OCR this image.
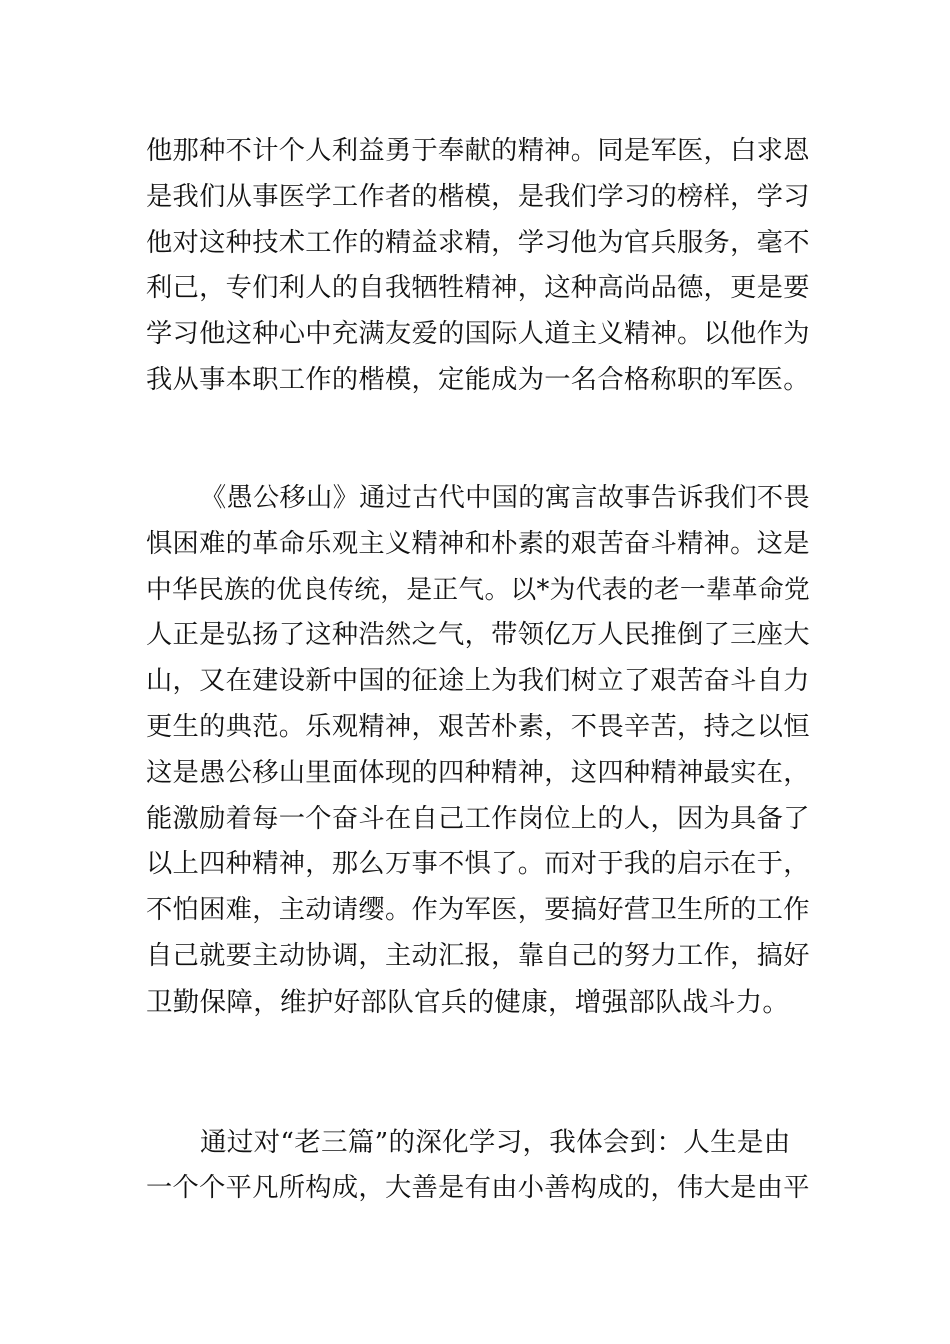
他那种不计个人利益勇于奉献的精神。同是军医，白求恩
是我们从事医学工作者的楷模，是我们学习的榜样，学习
他对这种技术工作的精益求精，学习他为官兵服务，毫不
利己，专们利人的自我牺牲精神，这种高尚品德，更是要
学习他这种心中充满友爱的国际人道主义精神。以他作为
我从事本职工作的楷模，定能成为一名合格称职的军医。
《愚公移山》通过古代中国的寓言故事告诉我们不畏
惧困难的革命乐观主义精神和朴素的艰苦奋斗精神。这是
中华民族的优良传统，是正气。以*为代表的老一辈革命党
人正是弘扬了这种浩然之气，带领亿万人民推倒了三座大
山，又在建设新中国的征途上为我们树立了艰苦奋斗自力
更生的典范。乐观精神，艰苦朴素，不畏辛苦，持之以恒
这是愚公移山里面体现的四种精神，这四种精神最实在，
能激励着每一个奋斗在自己工作岗位上的人，因为具备了
以上四种精神，那么万事不惧了。而对于我的启示在于，
不怕困难，主动请缨。作为军医，要搞好营卫生所的工作
自己就要主动协调，主动汇报，靠自己的努力工作，搞好
卫勤保障，维护好部队官兵的健康，增强部队战斗力。
通过对“老三篇”的深化学习，我体会到：人生是由
一个个平凡所构成，大善是有由小善构成的，伟大是由平
